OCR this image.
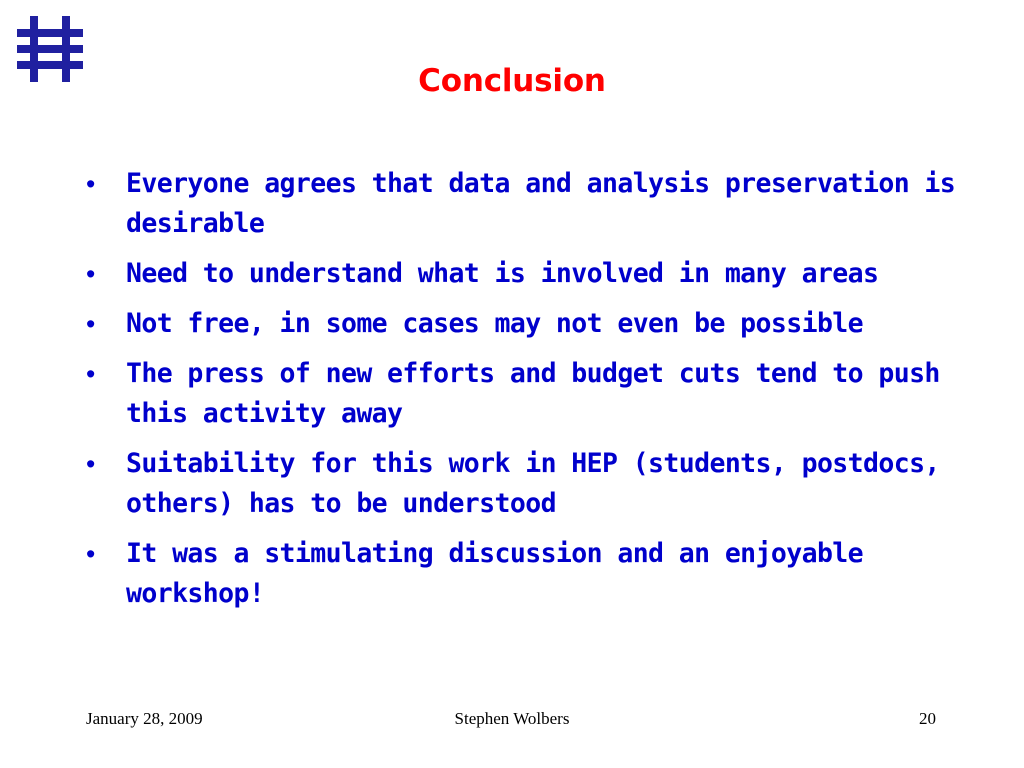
Conclusion
• Everyone agrees that data and analysis preservation is desirable
• Need to understand what is involved in many areas
• Not free, in some cases may not even be possible
• The press of new efforts and budget cuts tend to push this activity away
• Suitability for this work in HEP (students, postdocs, others) has to be understood
• It was a stimulating discussion and an enjoyable workshop!
January 28, 2009	Stephen Wolbers	20
